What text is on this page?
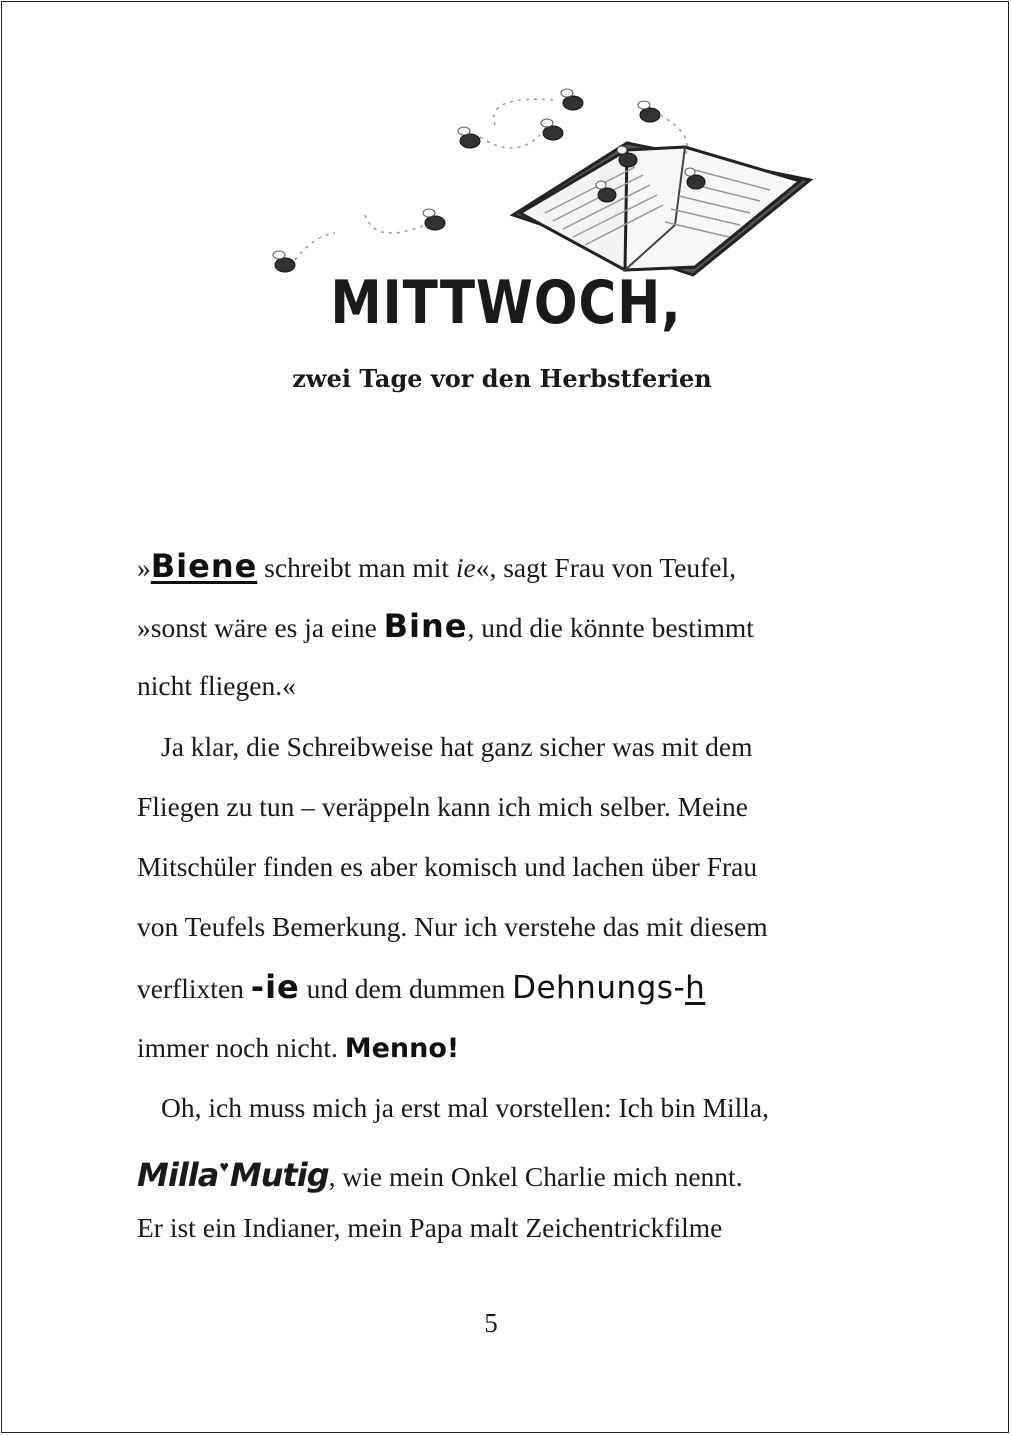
MITTWOCH,
zwei Tage vor den Herbstferien
»Biene schreibt man mit ie«, sagt Frau von Teufel,
»sonst wäre es ja eine Bine, und die könnte bestimmt
nicht fliegen.«
Ja klar, die Schreibweise hat ganz sicher was mit dem
Fliegen zu tun – veräppeln kann ich mich selber. Meine
Mitschüler finden es aber komisch und lachen über Frau
von Teufels Bemerkung. Nur ich verstehe das mit diesem
verflixten -ie und dem dummen Dehnungs-h
immer noch nicht. Menno!
Oh, ich muss mich ja erst mal vorstellen: Ich bin Milla,
Milla♥Mutig, wie mein Onkel Charlie mich nennt.
Er ist ein Indianer, mein Papa malt Zeichentrickfilme
5
